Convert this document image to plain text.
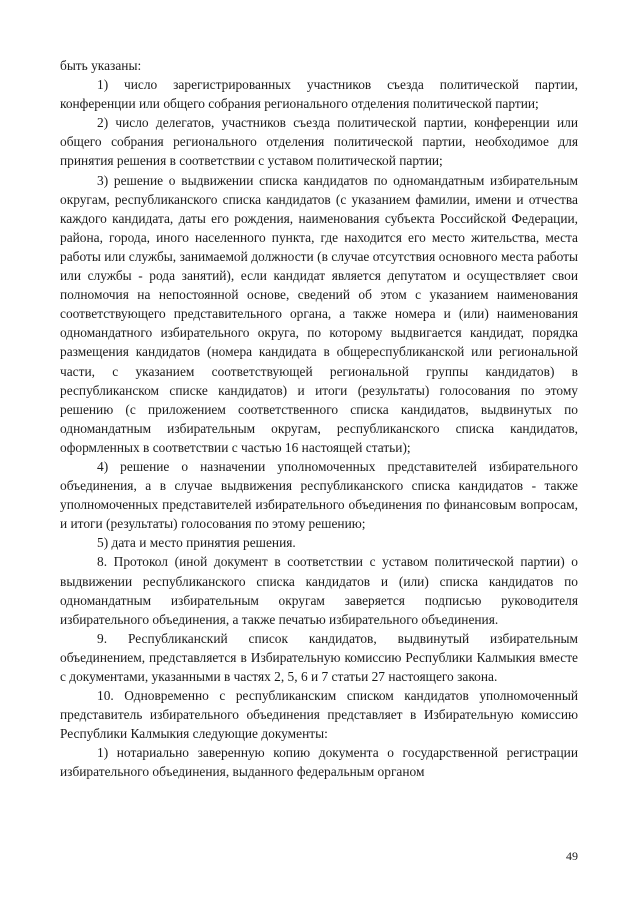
быть указаны:

1) число зарегистрированных участников съезда политической партии, конференции или общего собрания регионального отделения политической партии;

2) число делегатов, участников съезда политической партии, конференции или общего собрания регионального отделения политической партии, необходимое для принятия решения в соответствии с уставом политической партии;

3) решение о выдвижении списка кандидатов по одномандатным избирательным округам, республиканского списка кандидатов (с указанием фамилии, имени и отчества каждого кандидата, даты его рождения, наименования субъекта Российской Федерации, района, города, иного населенного пункта, где находится его место жительства, места работы или службы, занимаемой должности (в случае отсутствия основного места работы или службы - рода занятий), если кандидат является депутатом и осуществляет свои полномочия на непостоянной основе, сведений об этом с указанием наименования соответствующего представительного органа, а также номера и (или) наименования одномандатного избирательного округа, по которому выдвигается кандидат, порядка размещения кандидатов (номера кандидата в общереспубликанской или региональной части, с указанием соответствующей региональной группы кандидатов) в республиканском списке кандидатов) и итоги (результаты) голосования по этому решению (с приложением соответственного списка кандидатов, выдвинутых по одномандатным избирательным округам, республиканского списка кандидатов, оформленных в соответствии с частью 16 настоящей статьи);

4) решение о назначении уполномоченных представителей избирательного объединения, а в случае выдвижения республиканского списка кандидатов - также уполномоченных представителей избирательного объединения по финансовым вопросам, и итоги (результаты) голосования по этому решению;

5) дата и место принятия решения.

8. Протокол (иной документ в соответствии с уставом политической партии) о выдвижении республиканского списка кандидатов и (или) списка кандидатов по одномандатным избирательным округам заверяется подписью руководителя избирательного объединения, а также печатью избирательного объединения.

9. Республиканский список кандидатов, выдвинутый избирательным объединением, представляется в Избирательную комиссию Республики Калмыкия вместе с документами, указанными в частях 2, 5, 6 и 7 статьи 27 настоящего закона.

10. Одновременно с республиканским списком кандидатов уполномоченный представитель избирательного объединения представляет в Избирательную комиссию Республики Калмыкия следующие документы:

1) нотариально заверенную копию документа о государственной регистрации избирательного объединения, выданного федеральным органом

49
